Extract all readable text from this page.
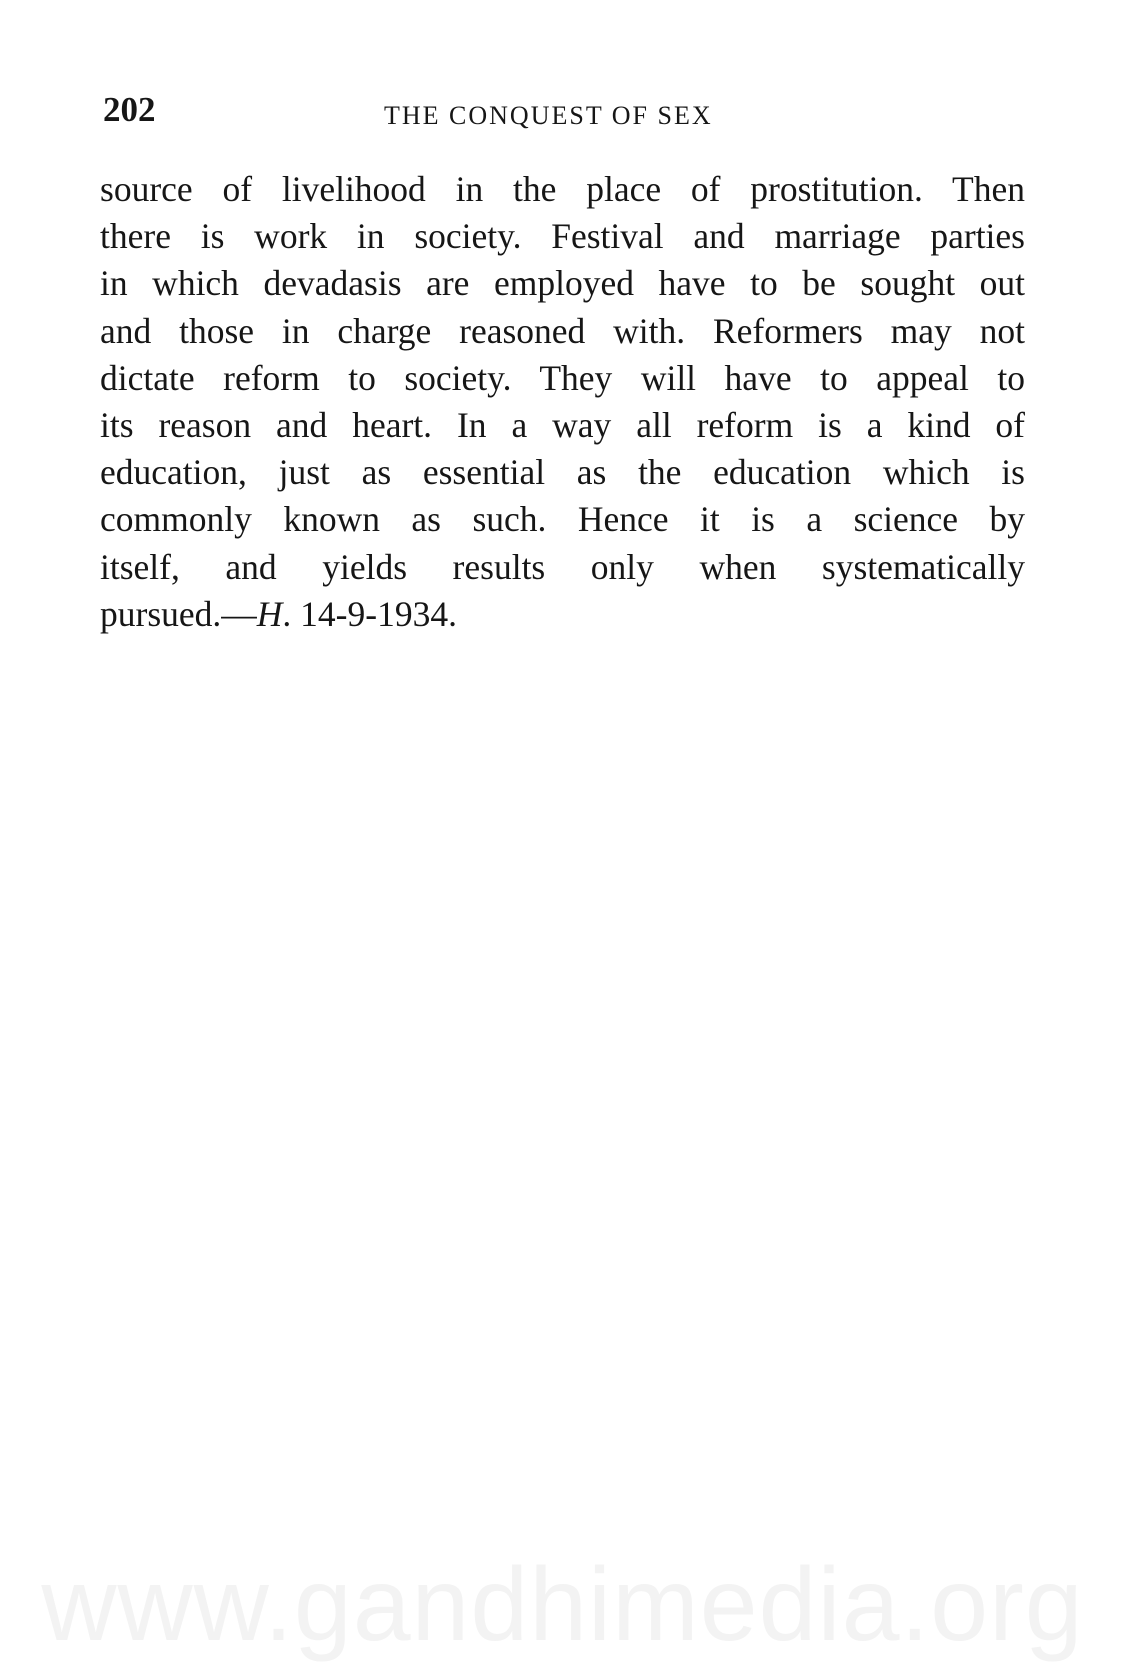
202	THE CONQUEST OF SEX
source of livelihood in the place of prostitution. Then
there is work in society. Festival and marriage parties
in which devadasis are employed have to be sought out
and those in charge reasoned with. Reformers may not
dictate reform to society. They will have to appeal to
its reason and heart. In a way all reform is a kind of
education, just as essential as the education which is
commonly known as such. Hence it is a science by
itself, and yields results only when systematically
pursued.—H. 14-9-1934.
www.gandhimedia.org
